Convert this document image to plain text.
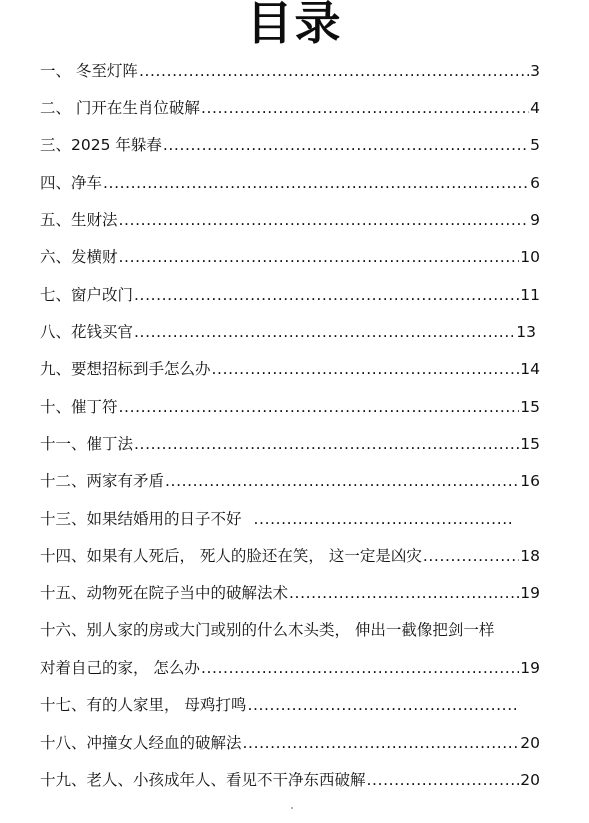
目录
一、 冬至灯阵 .....	3
二、 门开在生肖位破解 .....	4
三、2025 年躲春 .....	5
四、净车 .....	6
五、生财法 .....	9
六、发横财 .....	10
七、窗户改门 .....	11
八、花钱买官 .....	13
九、要想招标到手怎么办 .....	14
十、催丁符 .....	15
十一、催丁法 .....	15
十二、两家有矛盾 .....	16
十三、如果结婚用的日子不好
.....
十四、如果有人死后， 死人的脸还在笑， 这一定是凶灾 .....	18
十五、动物死在院子当中的破解法术 .....	19
十六、别人家的房或大门或别的什么木头类， 伸出一截像把剑一样
对着自己的家， 怎么办 .....	19
十七、有的人家里， 母鸡打鸣
.....
十八、冲撞女人经血的破解法 .....	20
十九、老人、小孩成年人、看见不干净东西破解 .....	20
